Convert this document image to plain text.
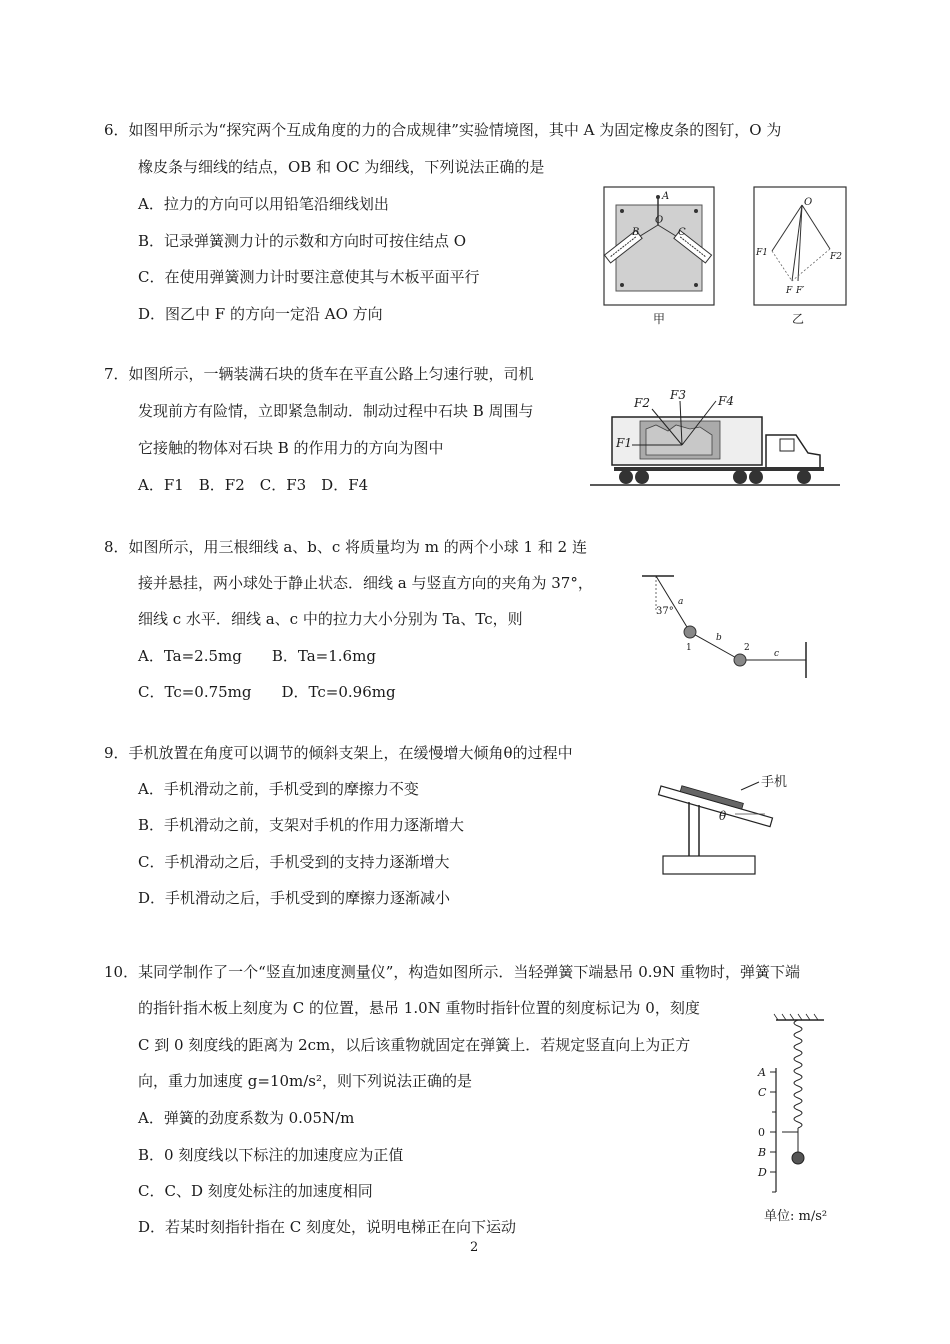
6．如图甲所示为“探究两个互成角度的力的合成规律”实验情境图，其中 A 为固定橡皮条的图钉，O 为
橡皮条与细线的结点，OB 和 OC 为细线，下列说法正确的是
A．拉力的方向可以用铅笔沿细线划出
B．记录弹簧测力计的示数和方向时可按住结点 O
C．在使用弹簧测力计时要注意使其与木板平面平行
D．图乙中 F 的方向一定沿 AO 方向
A
O
B	C
甲
O
F1	F2
F F′
乙
7．如图所示，一辆装满石块的货车在平直公路上匀速行驶，司机
发现前方有险情，立即紧急制动．制动过程中石块 B 周围与
它接触的物体对石块 B 的作用力的方向为图中
A．F1　B．F2　C．F3　D．F4
F2
F3	F4
F1
8．如图所示，用三根细线 a、b、c 将质量均为 m 的两个小球 1 和 2 连
接并悬挂，两小球处于静止状态．细线 a 与竖直方向的夹角为 37°，
细线 c 水平．细线 a、c 中的拉力大小分别为 Ta、Tc，则
A．Ta=2.5mg　　B．Ta=1.6mg
C．Tc=0.75mg　　D．Tc=0.96mg
37°
a
1
b
2
c
9．手机放置在角度可以调节的倾斜支架上，在缓慢增大倾角θ的过程中
A．手机滑动之前，手机受到的摩擦力不变
B．手机滑动之前，支架对手机的作用力逐渐增大
C．手机滑动之后，手机受到的支持力逐渐增大
D．手机滑动之后，手机受到的摩擦力逐渐减小
θ
手机
10．某同学制作了一个“竖直加速度测量仪”，构造如图所示．当轻弹簧下端悬吊 0.9N 重物时，弹簧下端
的指针指木板上刻度为 C 的位置，悬吊 1.0N 重物时指针位置的刻度标记为 0，刻度
C 到 0 刻度线的距离为 2cm，以后该重物就固定在弹簧上．若规定竖直向上为正方
向，重力加速度 g=10m/s²，则下列说法正确的是
A．弹簧的劲度系数为 0.05N/m
B．0 刻度线以下标注的加速度应为正值
C．C、D 刻度处标注的加速度相同
D．若某时刻指针指在 C 刻度处，说明电梯正在向下运动
A
C
0
B
D
单位: m/s²
2
